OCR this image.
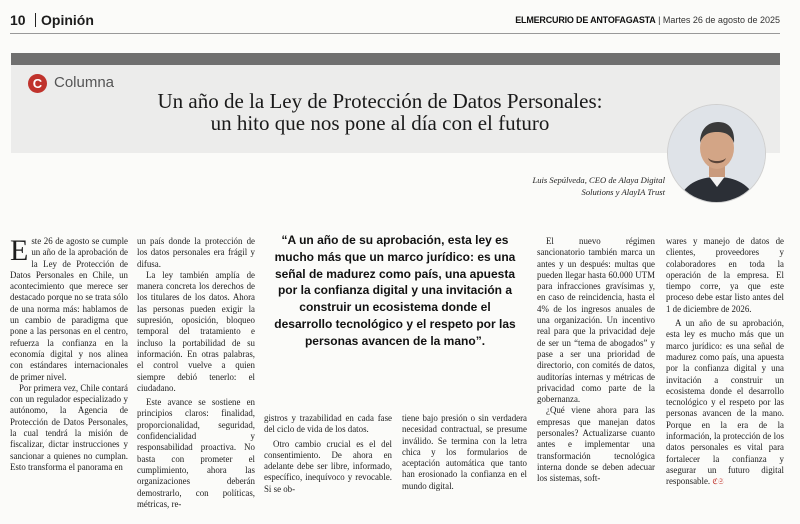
10 Opinión	ELMERCURIO DE ANTOFAGASTA | Martes 26 de agosto de 2025
C Columna
Un año de la Ley de Protección de Datos Personales:
un hito que nos pone al día con el futuro
Luis Sepúlveda, CEO de Alaya Digital
Solutions y AlayIA Trust

Este 26 de agosto se cumple un año de la aprobación de la Ley de Protección de Datos Personales en Chile, un acontecimiento que merece ser destacado porque no se trata sólo de una norma más: hablamos de un cambio de paradigma que pone a las personas en el centro, refuerza la confianza en la economía digital y nos alinea con estándares internacionales de primer nivel.

Por primera vez, Chile contará con un regulador especializado y autónomo, la Agencia de Protección de Datos Personales, la cual tendrá la misión de fiscalizar, dictar instrucciones y sancionar a quienes no cumplan. Esto transforma el panorama en

un país donde la protección de los datos personales era frágil y difusa.

La ley también amplía de manera concreta los derechos de los titulares de los datos. Ahora las personas pueden exigir la supresión, oposición, bloqueo temporal del tratamiento e incluso la portabilidad de su información. En otras palabras, el control vuelve a quien siempre debió tenerlo: el ciudadano.

Este avance se sostiene en principios claros: finalidad, proporcionalidad, seguridad, confidencialidad y responsabilidad proactiva. No basta con prometer el cumplimiento, ahora las organizaciones deberán demostrarlo, con políticas, métricas, re-

“A un año de su aprobación, esta ley es mucho más que un marco jurídico: es una señal de madurez como país, una apuesta por la confianza digital y una invitación a construir un ecosistema donde el desarrollo tecnológico y el respeto por las personas avancen de la mano”.

gistros y trazabilidad en cada fase del ciclo de vida de los datos.

Otro cambio crucial es el del consentimiento. De ahora en adelante debe ser libre, informado, específico, inequívoco y revocable. Si se ob-

tiene bajo presión o sin verdadera necesidad contractual, se presume inválido. Se termina con la letra chica y los formularios de aceptación automática que tanto han erosionado la confianza en el mundo digital.

El nuevo régimen sancionatorio también marca un antes y un después: multas que pueden llegar hasta 60.000 UTM para infracciones gravísimas y, en caso de reincidencia, hasta el 4% de los ingresos anuales de una organización. Un incentivo real para que la privacidad deje de ser un “tema de abogados” y pase a ser una prioridad de directorio, con comités de datos, auditorías internas y métricas de privacidad como parte de la gobernanza.

¿Qué viene ahora para las empresas que manejan datos personales? Actualizarse cuanto antes e implementar una transformación tecnológica interna donde se deben adecuar los sistemas, soft-

wares y manejo de datos de clientes, proveedores y colaboradores en toda la operación de la empresa. El tiempo corre, ya que este proceso debe estar listo antes del 1 de diciembre de 2026.

A un año de su aprobación, esta ley es mucho más que un marco jurídico: es una señal de madurez como país, una apuesta por la confianza digital y una invitación a construir un ecosistema donde el desarrollo tecnológico y el respeto por las personas avancen de la mano. Porque en la era de la información, la protección de los datos personales es vital para fortalecer la confianza y asegurar un futuro digital responsable. ℭ𝔖
